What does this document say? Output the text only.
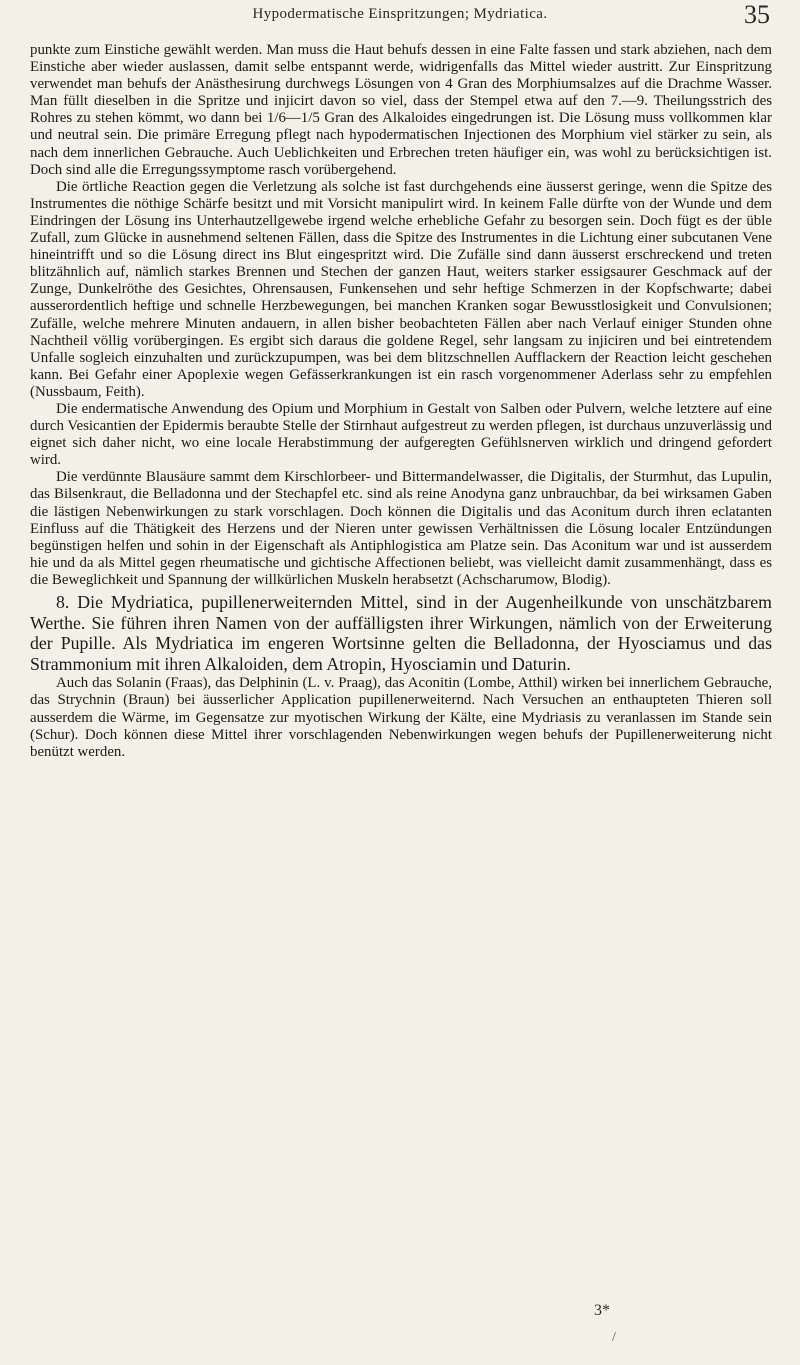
Hypodermatische Einspritzungen; Mydriatica.	35

punkte zum Einstiche gewählt werden. Man muss die Haut behufs dessen in eine Falte fassen und stark abziehen, nach dem Einstiche aber wieder auslassen, damit selbe entspannt werde, widrigenfalls das Mittel wieder austritt. Zur Einspritzung verwendet man behufs der Anästhesirung durchwegs Lösungen von 4 Gran des Morphiumsalzes auf die Drachme Wasser. Man füllt dieselben in die Spritze und injicirt davon so viel, dass der Stempel etwa auf den 7.—9. Theilungsstrich des Rohres zu stehen kömmt, wo dann bei 1/6—1/5 Gran des Alkaloides eingedrungen ist. Die Lösung muss vollkommen klar und neutral sein. Die primäre Erregung pflegt nach hypodermatischen Injectionen des Morphium viel stärker zu sein, als nach dem innerlichen Gebrauche. Auch Ueblichkeiten und Erbrechen treten häufiger ein, was wohl zu berücksichtigen ist. Doch sind alle die Erregungssymptome rasch vorübergehend.

Die örtliche Reaction gegen die Verletzung als solche ist fast durchgehends eine äusserst geringe, wenn die Spitze des Instrumentes die nöthige Schärfe besitzt und mit Vorsicht manipulirt wird. In keinem Falle dürfte von der Wunde und dem Eindringen der Lösung ins Unterhautzellgewebe irgend welche erhebliche Gefahr zu besorgen sein. Doch fügt es der üble Zufall, zum Glücke in ausnehmend seltenen Fällen, dass die Spitze des Instrumentes in die Lichtung einer subcutanen Vene hineintrifft und so die Lösung direct ins Blut eingespritzt wird. Die Zufälle sind dann äusserst erschreckend und treten blitzähnlich auf, nämlich starkes Brennen und Stechen der ganzen Haut, weiters starker essigsaurer Geschmack auf der Zunge, Dunkelröthe des Gesichtes, Ohrensausen, Funkensehen und sehr heftige Schmerzen in der Kopfschwarte; dabei ausserordentlich heftige und schnelle Herzbewegungen, bei manchen Kranken sogar Bewusstlosigkeit und Convulsionen; Zufälle, welche mehrere Minuten andauern, in allen bisher beobachteten Fällen aber nach Verlauf einiger Stunden ohne Nachtheil völlig vorübergingen. Es ergibt sich daraus die goldene Regel, sehr langsam zu injiciren und bei eintretendem Unfalle sogleich einzuhalten und zurückzupumpen, was bei dem blitzschnellen Aufflackern der Reaction leicht geschehen kann. Bei Gefahr einer Apoplexie wegen Gefässerkrankungen ist ein rasch vorgenommener Aderlass sehr zu empfehlen (Nussbaum, Feith).

Die endermatische Anwendung des Opium und Morphium in Gestalt von Salben oder Pulvern, welche letztere auf eine durch Vesicantien der Epidermis beraubte Stelle der Stirnhaut aufgestreut zu werden pflegen, ist durchaus unzuverlässig und eignet sich daher nicht, wo eine locale Herabstimmung der aufgeregten Gefühlsnerven wirklich und dringend gefordert wird.

Die verdünnte Blausäure sammt dem Kirschlorbeer- und Bittermandelwasser, die Digitalis, der Sturmhut, das Lupulin, das Bilsenkraut, die Belladonna und der Stechapfel etc. sind als reine Anodyna ganz unbrauchbar, da bei wirksamen Gaben die lästigen Nebenwirkungen zu stark vorschlagen. Doch können die Digitalis und das Aconitum durch ihren eclatanten Einfluss auf die Thätigkeit des Herzens und der Nieren unter gewissen Verhältnissen die Lösung localer Entzündungen begünstigen helfen und sohin in der Eigenschaft als Antiphlogistica am Platze sein. Das Aconitum war und ist ausserdem hie und da als Mittel gegen rheumatische und gichtische Affectionen beliebt, was vielleicht damit zusammenhängt, dass es die Beweglichkeit und Spannung der willkürlichen Muskeln herabsetzt (Achscharumow, Blodig).

8. Die Mydriatica, pupillenerweiternden Mittel, sind in der Augenheilkunde von unschätzbarem Werthe. Sie führen ihren Namen von der auffälligsten ihrer Wirkungen, nämlich von der Erweiterung der Pupille. Als Mydriatica im engeren Wortsinne gelten die Belladonna, der Hyosciamus und das Strammonium mit ihren Alkaloiden, dem Atropin, Hyosciamin und Daturin.

Auch das Solanin (Fraas), das Delphinin (L. v. Praag), das Aconitin (Lombe, Atthil) wirken bei innerlichem Gebrauche, das Strychnin (Braun) bei äusserlicher Application pupillenerweiternd. Nach Versuchen an enthaupteten Thieren soll ausserdem die Wärme, im Gegensatze zur myotischen Wirkung der Kälte, eine Mydriasis zu veranlassen im Stande sein (Schur). Doch können diese Mittel ihrer vorschlagenden Nebenwirkungen wegen behufs der Pupillenerweiterung nicht benützt werden.

3*
/
